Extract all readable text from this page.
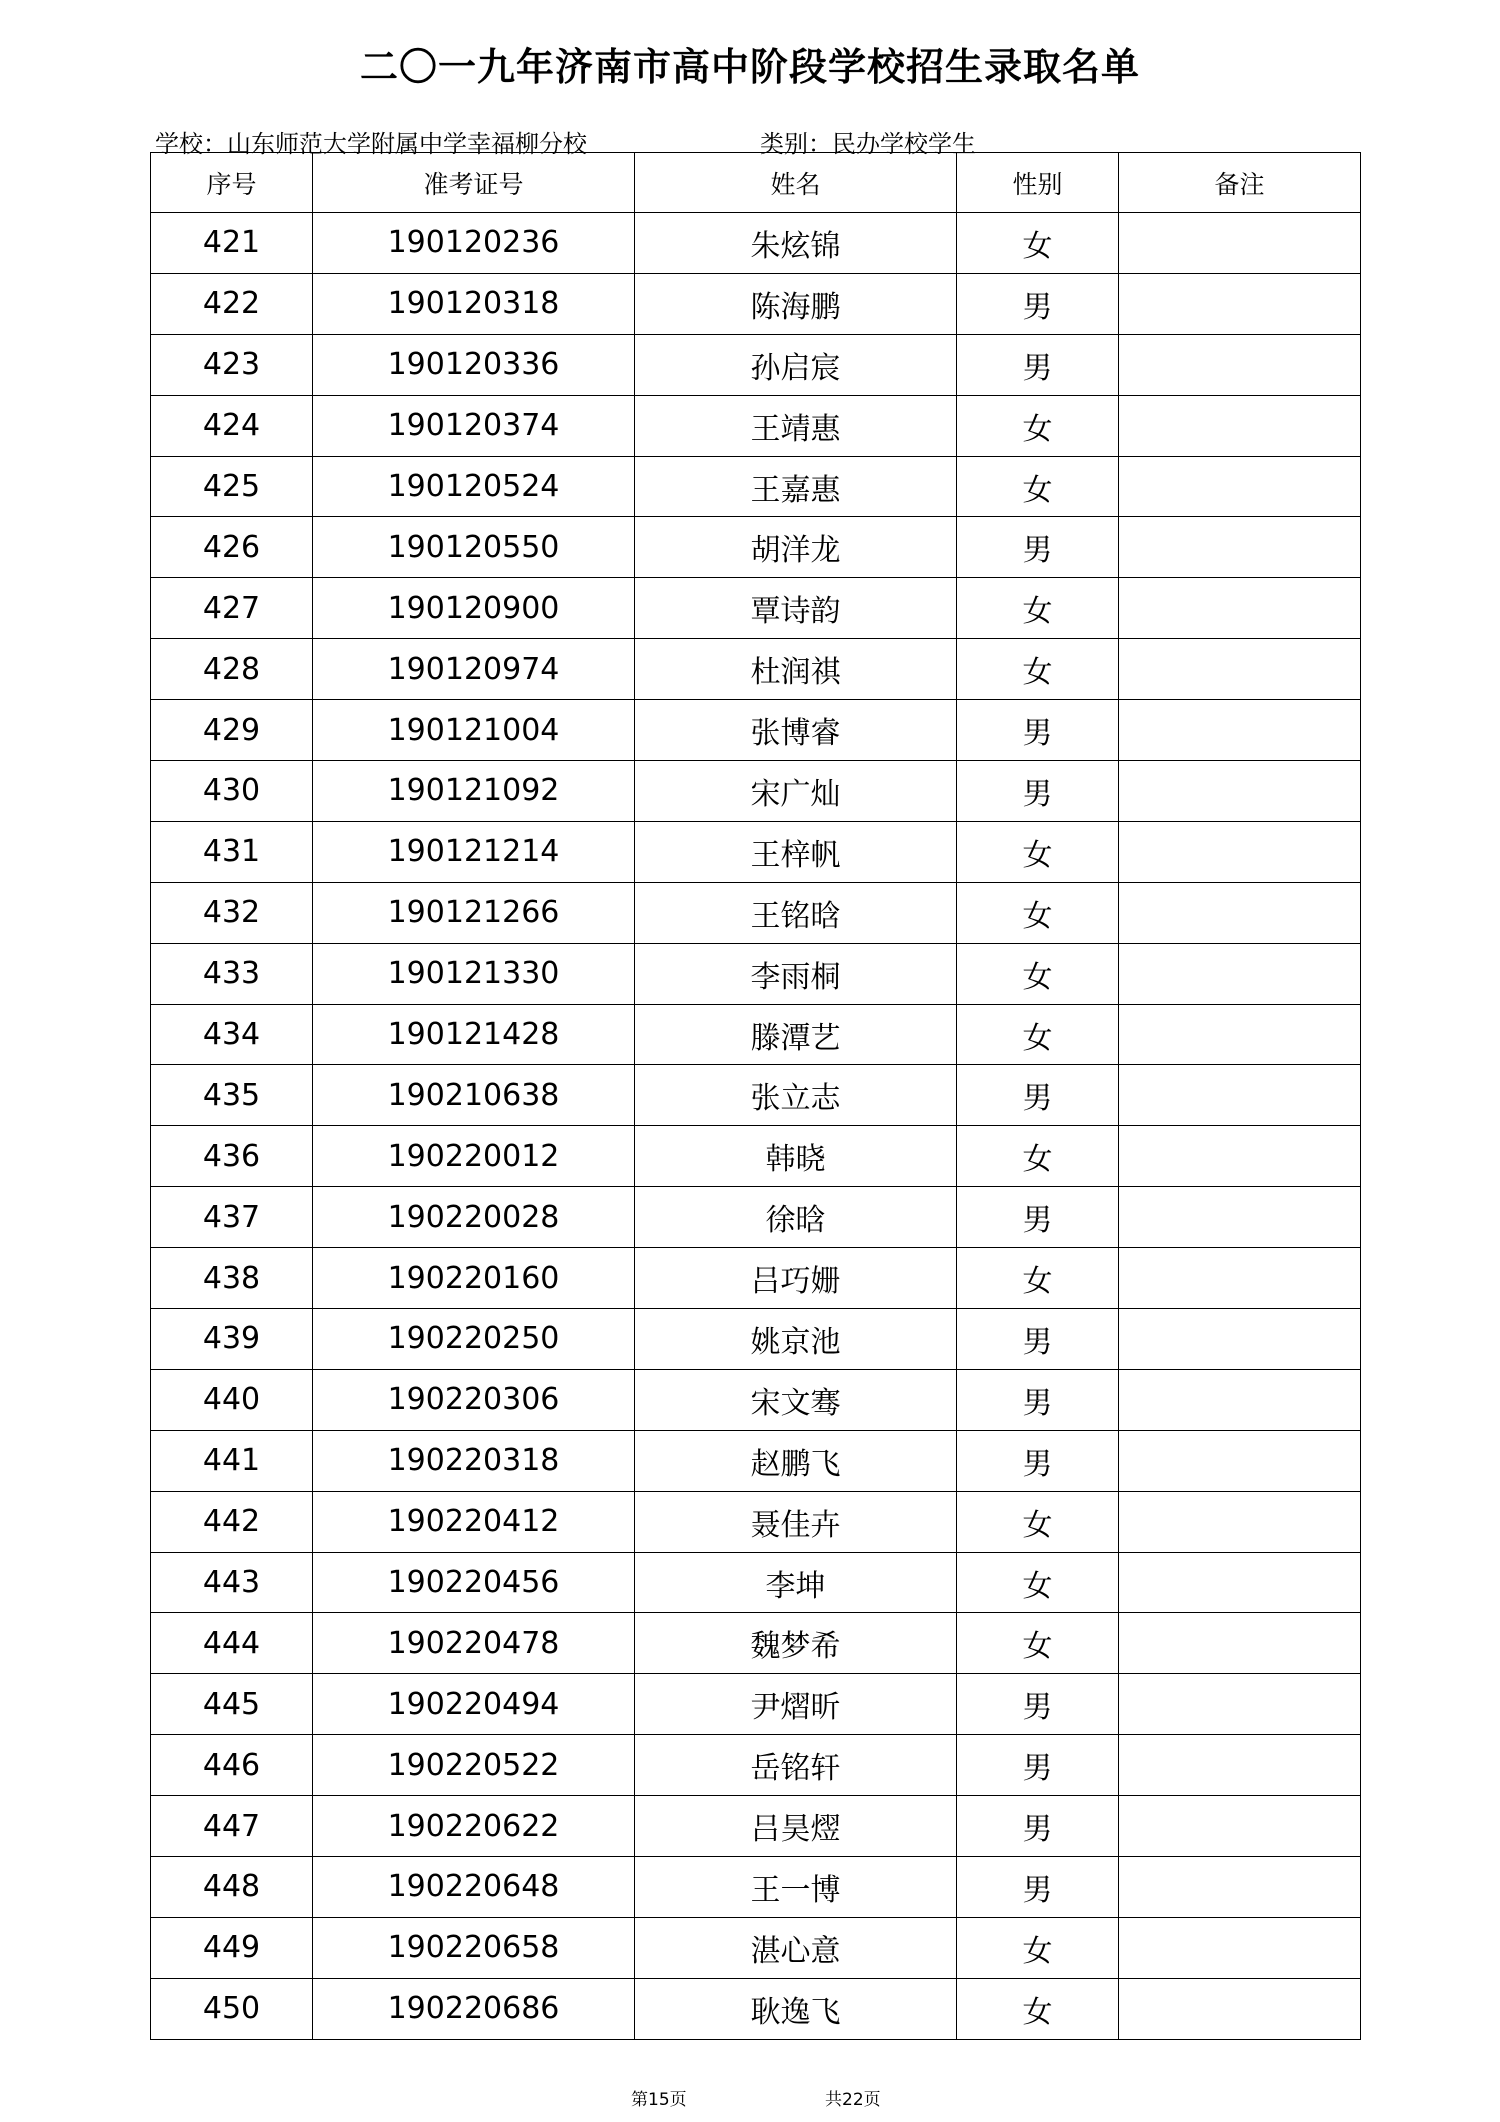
二〇一九年济南市高中阶段学校招生录取名单
学校：山东师范大学附属中学幸福柳分校	类别：民办学校学生
序号	准考证号	姓名	性别	备注
421	190120236	朱炫锦	女	
422	190120318	陈海鹏	男	
423	190120336	孙启宸	男	
424	190120374	王靖惠	女	
425	190120524	王嘉惠	女	
426	190120550	胡洋龙	男	
427	190120900	覃诗韵	女	
428	190120974	杜润祺	女	
429	190121004	张博睿	男	
430	190121092	宋广灿	男	
431	190121214	王梓帆	女	
432	190121266	王铭晗	女	
433	190121330	李雨桐	女	
434	190121428	滕潭艺	女	
435	190210638	张立志	男	
436	190220012	韩晓	女	
437	190220028	徐晗	男	
438	190220160	吕巧姗	女	
439	190220250	姚京池	男	
440	190220306	宋文骞	男	
441	190220318	赵鹏飞	男	
442	190220412	聂佳卉	女	
443	190220456	李坤	女	
444	190220478	魏梦希	女	
445	190220494	尹熠昕	男	
446	190220522	岳铭轩	男	
447	190220622	吕昊熤	男	
448	190220648	王一博	男	
449	190220658	湛心意	女	
450	190220686	耿逸飞	女	
第15页	共22页
